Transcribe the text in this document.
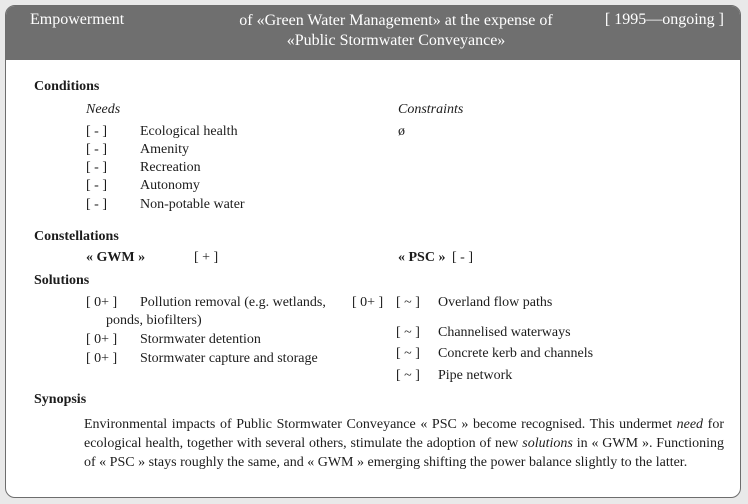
Empowerment	of «Green Water Management» at the expense of
«Public Stormwater Conveyance»
[ 1995—ongoing ]
Conditions
Needs	Constraints
ø
[ - ] Ecological health
[ - ] Amenity
[ - ] Recreation
[ - ] Autonomy
[ - ] Non-potable water
Constellations
« GWM »	[ + ]	« PSC » [ - ]
Solutions
[ 0+ ] Pollution removal (e.g. wetlands, [ 0+ ]
ponds, biofilters)
[ 0+ ] Stormwater detention
[ 0+ ] Stormwater capture and storage
[ ~ ] Overland flow paths
[ ~ ] Channelised waterways
[ ~ ] Concrete kerb and channels
[ ~ ] Pipe network
Synopsis
Environmental impacts of Public Stormwater Conveyance « PSC » become recognised. This undermet need for ecological health, together with several others, stimulate the adoption of new solutions in « GWM ». Functioning of « PSC » stays roughly the same, and « GWM » emerging shifting the power balance slightly to the latter.
